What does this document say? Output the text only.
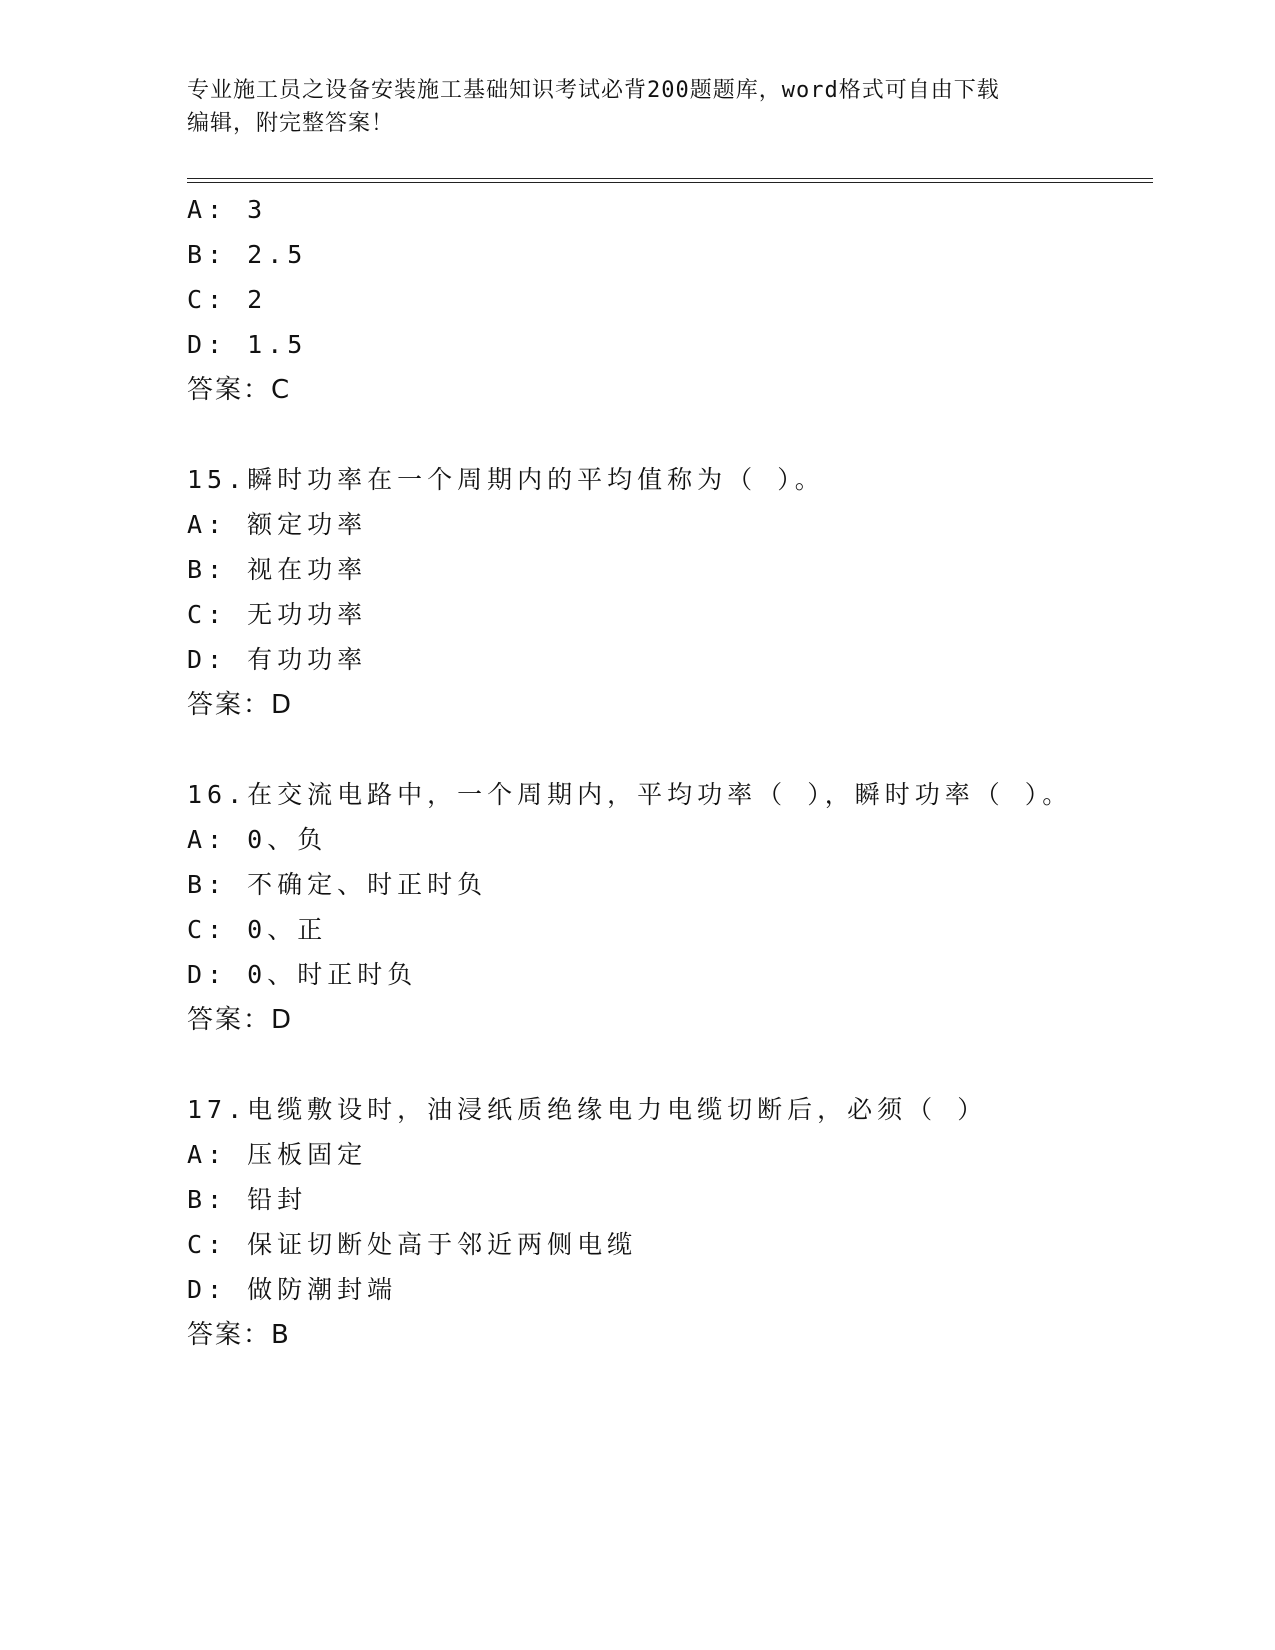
专业施工员之设备安装施工基础知识考试必背200题题库，word格式可自由下载
编辑，附完整答案！
A: 3
B: 2.5
C: 2
D: 1.5
答案：C
15.瞬时功率在一个周期内的平均值称为（ ）。
A: 额定功率
B: 视在功率
C: 无功功率
D: 有功功率
答案：D
16.在交流电路中，一个周期内，平均功率（ ），瞬时功率（ ）。
A: 0、负
B: 不确定、时正时负
C: 0、正
D: 0、时正时负
答案：D
17.电缆敷设时，油浸纸质绝缘电力电缆切断后，必须（ ）
A: 压板固定
B: 铅封
C: 保证切断处高于邻近两侧电缆
D: 做防潮封端
答案：B
